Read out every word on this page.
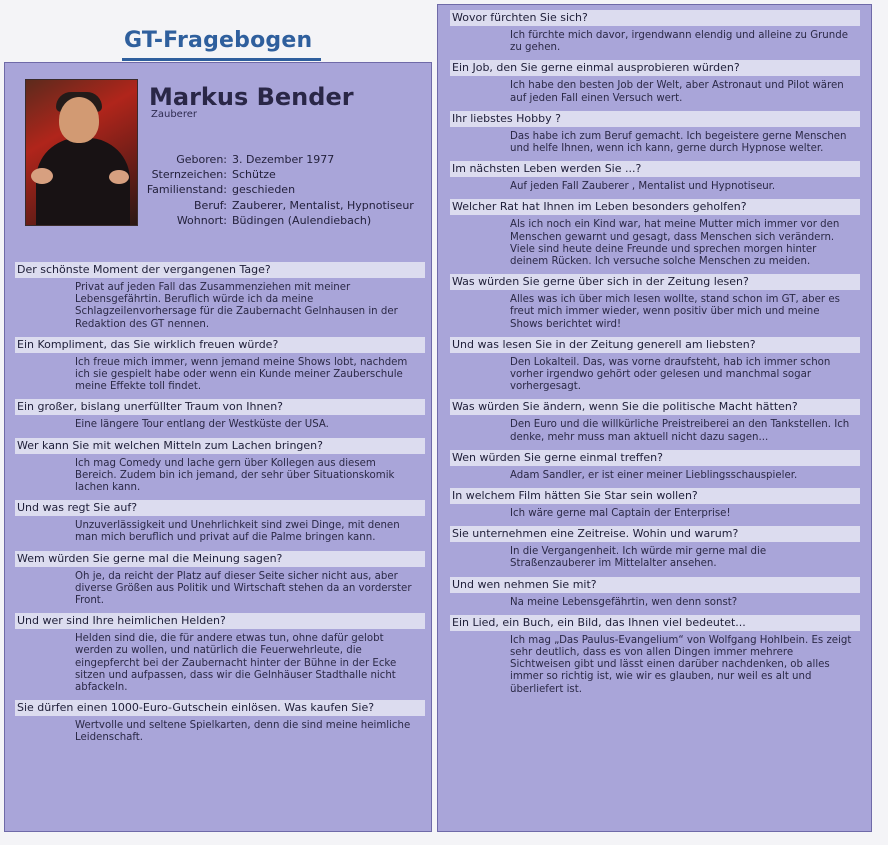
GT-Fragebogen
Markus Bender
Zauberer
Geboren: 3. Dezember 1977
Sternzeichen: Schütze
Familienstand: geschieden
Beruf: Zauberer, Mentalist, Hypnotiseur
Wohnort: Büdingen (Aulendiebach)
Der schönste Moment der vergangenen Tage?
Privat auf jeden Fall das Zusammenziehen mit meiner Lebensgefährtin. Beruflich würde ich da meine Schlagzeilenvorhersage für die Zaubernacht Gelnhausen in der Redaktion des GT nennen.
Ein Kompliment, das Sie wirklich freuen würde?
Ich freue mich immer, wenn jemand meine Shows lobt, nachdem ich sie gespielt habe oder wenn ein Kunde meiner Zauberschule meine Effekte toll findet.
Ein großer, bislang unerfüllter Traum von Ihnen?
Eine längere Tour entlang der Westküste der USA.
Wer kann Sie mit welchen Mitteln zum Lachen bringen?
Ich mag Comedy und lache gern über Kollegen aus diesem Bereich. Zudem bin ich jemand, der sehr über Situationskomik lachen kann.
Und was regt Sie auf?
Unzuverlässigkeit und Unehrlichkeit sind zwei Dinge, mit denen man mich beruflich und privat auf die Palme bringen kann.
Wem würden Sie gerne mal die Meinung sagen?
Oh je, da reicht der Platz auf dieser Seite sicher nicht aus, aber diverse Größen aus Politik und Wirtschaft stehen da an vorderster Front.
Und wer sind Ihre heimlichen Helden?
Helden sind die, die für andere etwas tun, ohne dafür gelobt werden zu wollen, und natürlich die Feuerwehrleute, die eingepfercht bei der Zaubernacht hinter der Bühne in der Ecke sitzen und aufpassen, dass wir die Gelnhäuser Stadthalle nicht abfackeln.
Sie dürfen einen 1000-Euro-Gutschein einlösen. Was kaufen Sie?
Wertvolle und seltene Spielkarten, denn die sind meine heimliche Leidenschaft.
Wovor fürchten Sie sich?
Ich fürchte mich davor, irgendwann elendig und alleine zu Grunde zu gehen.
Ein Job, den Sie gerne einmal ausprobieren würden?
Ich habe den besten Job der Welt, aber Astronaut und Pilot wären auf jeden Fall einen Versuch wert.
Ihr liebstes Hobby ?
Das habe ich zum Beruf gemacht. Ich begeistere gerne Menschen und helfe Ihnen, wenn ich kann, gerne durch Hypnose welter.
Im nächsten Leben werden Sie ...?
Auf jeden Fall Zauberer , Mentalist und Hypnotiseur.
Welcher Rat hat Ihnen im Leben besonders geholfen?
Als ich noch ein Kind war, hat meine Mutter mich immer vor den Menschen gewarnt und gesagt, dass Menschen sich verändern. Viele sind heute deine Freunde und sprechen morgen hinter deinem Rücken. Ich versuche solche Menschen zu meiden.
Was würden Sie gerne über sich in der Zeitung lesen?
Alles was ich über mich lesen wollte, stand schon im GT, aber es freut mich immer wieder, wenn positiv über mich und meine Shows berichtet wird!
Und was lesen Sie in der Zeitung generell am liebsten?
Den Lokalteil. Das, was vorne draufsteht, hab ich immer schon vorher irgendwo gehört oder gelesen und manchmal sogar vorhergesagt.
Was würden Sie ändern, wenn Sie die politische Macht hätten?
Den Euro und die willkürliche Preistreiberei an den Tankstellen. Ich denke, mehr muss man aktuell nicht dazu sagen...
Wen würden Sie gerne einmal treffen?
Adam Sandler, er ist einer meiner Lieblingsschauspieler.
In welchem Film hätten Sie Star sein wollen?
Ich wäre gerne mal Captain der Enterprise!
Sie unternehmen eine Zeitreise. Wohin und warum?
In die Vergangenheit. Ich würde mir gerne mal die Straßenzauberer im Mittelalter ansehen.
Und wen nehmen Sie mit?
Na meine Lebensgefährtin, wen denn sonst?
Ein Lied, ein Buch, ein Bild, das Ihnen viel bedeutet...
Ich mag „Das Paulus-Evangelium“ von Wolfgang Hohlbein. Es zeigt sehr deutlich, dass es von allen Dingen immer mehrere Sichtweisen gibt und lässt einen darüber nachdenken, ob alles immer so richtig ist, wie wir es glauben, nur weil es alt und überliefert ist.
